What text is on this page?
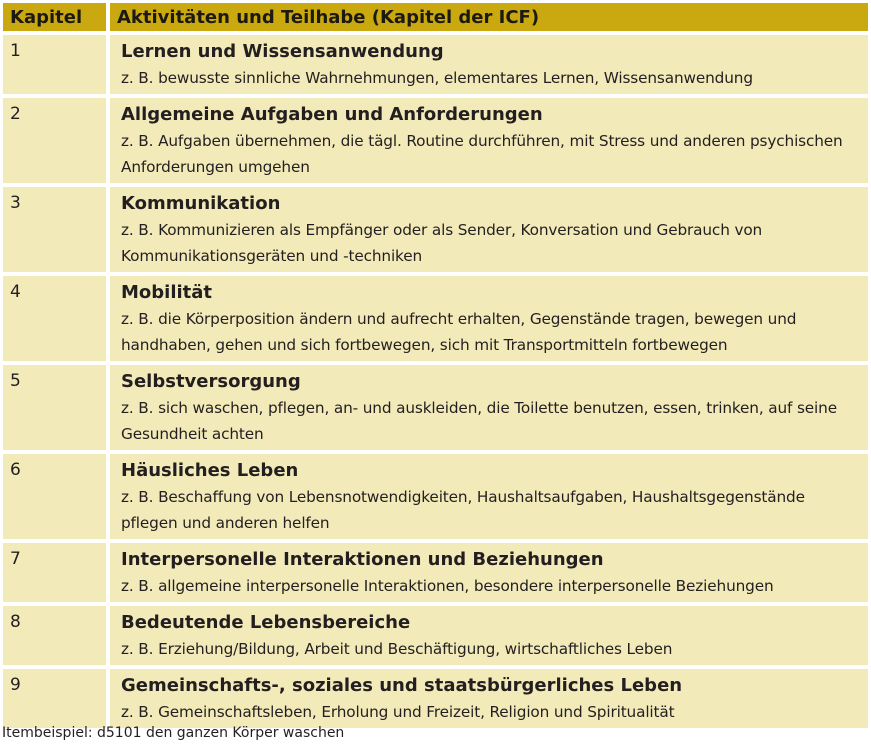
Kapitel	Aktivitäten und Teilhabe (Kapitel der ICF)
1	Lernen und Wissensanwendung
z. B. bewusste sinnliche Wahrnehmungen, elementares Lernen, Wissensanwendung

2	Allgemeine Aufgaben und Anforderungen
z. B. Aufgaben übernehmen, die tägl. Routine durchführen, mit Stress und anderen psychischen Anforderungen umgehen

3	Kommunikation
z. B. Kommunizieren als Empfänger oder als Sender, Konversation und Gebrauch von Kommunikationsgeräten und -techniken

4	Mobilität
z. B. die Körperposition ändern und aufrecht erhalten, Gegenstände tragen, bewegen und handhaben, gehen und sich fortbewegen, sich mit Transportmitteln fortbewegen

5	Selbstversorgung
z. B. sich waschen, pflegen, an- und auskleiden, die Toilette benutzen, essen, trinken, auf seine Gesundheit achten

6	Häusliches Leben
z. B. Beschaffung von Lebensnotwendigkeiten, Haushaltsaufgaben, Haushaltsgegenstände pflegen und anderen helfen

7	Interpersonelle Interaktionen und Beziehungen
z. B. allgemeine interpersonelle Interaktionen, besondere interpersonelle Beziehungen

8	Bedeutende Lebensbereiche
z. B. Erziehung/Bildung, Arbeit und Beschäftigung, wirtschaftliches Leben

9	Gemeinschafts-, soziales und staatsbürgerliches Leben
z. B. Gemeinschaftsleben, Erholung und Freizeit, Religion und Spiritualität
Itembeispiel: d5101 den ganzen Körper waschen
